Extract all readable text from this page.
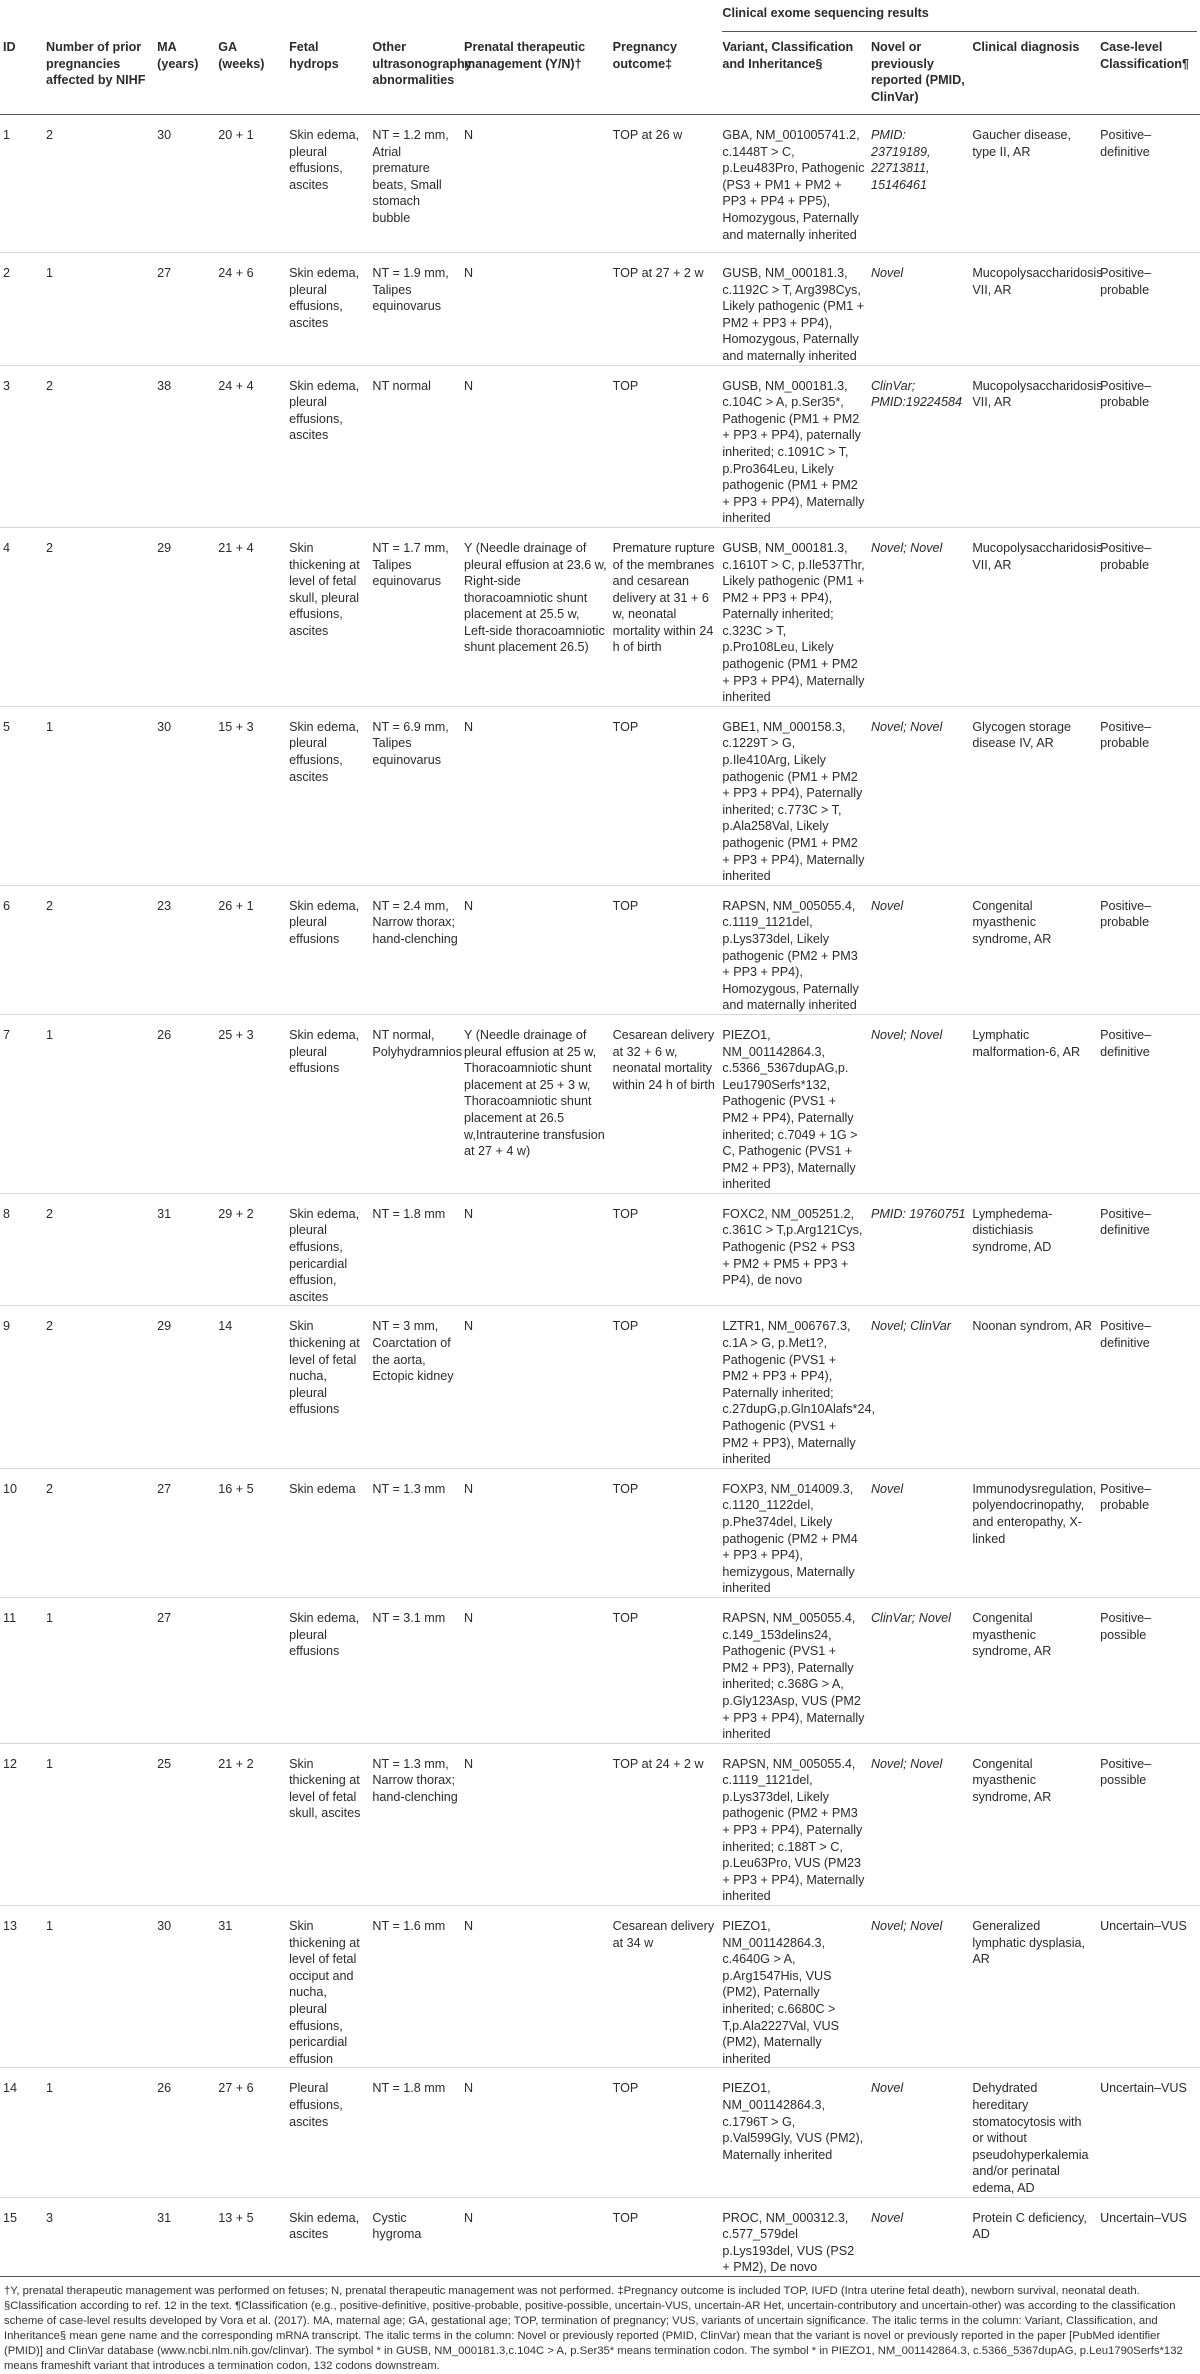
								Clinical exome sequencing results			

ID	Number of prior pregnancies affected by NIHF	MA (years)	GA (weeks)	Fetal hydrops	Other ultrasonography abnormalities	Prenatal therapeutic management (Y/N)†	Pregnancy outcome‡	Variant, Classification and Inheritance§	Novel or previously reported (PMID, ClinVar)	Clinical diagnosis	Case-level Classification¶
1	2	30	20 + 1	Skin edema, pleural effusions, ascites	NT = 1.2 mm, Atrial premature beats, Small stomach bubble	N	TOP at 26 w	GBA, NM_001005741.2, c.1448T > C, p.Leu483Pro, Pathogenic (PS3 + PM1 + PM2 + PP3 + PP4 + PP5), Homozygous, Paternally and maternally inherited	PMID: 23719189, 22713811, 15146461	Gaucher disease, type II, AR	Positive–definitive
2	1	27	24 + 6	Skin edema, pleural effusions, ascites	NT = 1.9 mm, Talipes equinovarus	N	TOP at 27 + 2 w	GUSB, NM_000181.3, c.1192C > T, Arg398Cys, Likely pathogenic (PM1 + PM2 + PP3 + PP4), Homozygous, Paternally and maternally inherited	Novel	Mucopolysaccharidosis VII, AR	Positive–probable
3	2	38	24 + 4	Skin edema, pleural effusions, ascites	NT normal	N	TOP	GUSB, NM_000181.3, c.104C > A, p.Ser35*, Pathogenic (PM1 + PM2 + PP3 + PP4), paternally inherited; c.1091C > T, p.Pro364Leu, Likely pathogenic (PM1 + PM2 + PP3 + PP4), Maternally inherited	ClinVar; PMID:19224584	Mucopolysaccharidosis VII, AR	Positive–probable
4	2	29	21 + 4	Skin thickening at level of fetal skull, pleural effusions, ascites	NT = 1.7 mm, Talipes equinovarus	Y (Needle drainage of pleural effusion at 23.6 w, Right-side thoracoamniotic shunt placement at 25.5 w, Left-side thoracoamniotic shunt placement 26.5)	Premature rupture of the membranes and cesarean delivery at 31 + 6 w, neonatal mortality within 24 h of birth	GUSB, NM_000181.3, c.1610T > C, p.Ile537Thr, Likely pathogenic (PM1 + PM2 + PP3 + PP4), Paternally inherited; c.323C > T, p.Pro108Leu, Likely pathogenic (PM1 + PM2 + PP3 + PP4), Maternally inherited	Novel; Novel	Mucopolysaccharidosis VII, AR	Positive–probable
5	1	30	15 + 3	Skin edema, pleural effusions, ascites	NT = 6.9 mm, Talipes equinovarus	N	TOP	GBE1, NM_000158.3, c.1229T > G, p.Ile410Arg, Likely pathogenic (PM1 + PM2 + PP3 + PP4), Paternally inherited; c.773C > T, p.Ala258Val, Likely pathogenic (PM1 + PM2 + PP3 + PP4), Maternally inherited	Novel; Novel	Glycogen storage disease IV, AR	Positive–probable
6	2	23	26 + 1	Skin edema, pleural effusions	NT = 2.4 mm, Narrow thorax; hand-clenching	N	TOP	RAPSN, NM_005055.4, c.1119_1121del, p.Lys373del, Likely pathogenic (PM2 + PM3 + PP3 + PP4), Homozygous, Paternally and maternally inherited	Novel	Congenital myasthenic syndrome, AR	Positive–probable
7	1	26	25 + 3	Skin edema, pleural effusions	NT normal, Polyhydramnios	Y (Needle drainage of pleural effusion at 25 w, Thoracoamniotic shunt placement at 25 + 3 w, Thoracoamniotic shunt placement at 26.5 w,Intrauterine transfusion at 27 + 4 w)	Cesarean delivery at 32 + 6 w, neonatal mortality within 24 h of birth	PIEZO1, NM_001142864.3, c.5366_5367dupAG,p. Leu1790Serfs*132, Pathogenic (PVS1 + PM2 + PP4), Paternally inherited; c.7049 + 1G > C, Pathogenic (PVS1 + PM2 + PP3), Maternally inherited	Novel; Novel	Lymphatic malformation-6, AR	Positive–definitive
8	2	31	29 + 2	Skin edema, pleural effusions, pericardial effusion, ascites	NT = 1.8 mm	N	TOP	FOXC2, NM_005251.2, c.361C > T,p.Arg121Cys, Pathogenic (PS2 + PS3 + PM2 + PM5 + PP3 + PP4), de novo	PMID: 19760751	Lymphedema-distichiasis syndrome, AD	Positive–definitive
9	2	29	14	Skin thickening at level of fetal nucha, pleural effusions	NT = 3 mm, Coarctation of the aorta, Ectopic kidney	N	TOP	LZTR1, NM_006767.3, c.1A > G, p.Met1?, Pathogenic (PVS1 + PM2 + PP3 + PP4), Paternally inherited; c.27dupG,p.Gln10Alafs*24, Pathogenic (PVS1 + PM2 + PP3), Maternally inherited	Novel; ClinVar	Noonan syndrom, AR	Positive–definitive
10	2	27	16 + 5	Skin edema	NT = 1.3 mm	N	TOP	FOXP3, NM_014009.3, c.1120_1122del, p.Phe374del, Likely pathogenic (PM2 + PM4 + PP3 + PP4), hemizygous, Maternally inherited	Novel	Immunodysregulation, polyendocrinopathy, and enteropathy, X-linked	Positive–probable
11	1	27		Skin edema, pleural effusions	NT = 3.1 mm	N	TOP	RAPSN, NM_005055.4, c.149_153delins24, Pathogenic (PVS1 + PM2 + PP3), Paternally inherited; c.368G > A, p.Gly123Asp, VUS (PM2 + PP3 + PP4), Maternally inherited	ClinVar; Novel	Congenital myasthenic syndrome, AR	Positive–possible
12	1	25	21 + 2	Skin thickening at level of fetal skull, ascites	NT = 1.3 mm, Narrow thorax; hand-clenching	N	TOP at 24 + 2 w	RAPSN, NM_005055.4, c.1119_1121del, p.Lys373del, Likely pathogenic (PM2 + PM3 + PP3 + PP4), Paternally inherited; c.188T > C, p.Leu63Pro, VUS (PM23 + PP3 + PP4), Maternally inherited	Novel; Novel	Congenital myasthenic syndrome, AR	Positive–possible
13	1	30	31	Skin thickening at level of fetal occiput and nucha, pleural effusions, pericardial effusion	NT = 1.6 mm	N	Cesarean delivery at 34 w	PIEZO1, NM_001142864.3, c.4640G > A, p.Arg1547His, VUS (PM2), Paternally inherited; c.6680C > T,p.Ala2227Val, VUS (PM2), Maternally inherited	Novel; Novel	Generalized lymphatic dysplasia, AR	Uncertain–VUS
14	1	26	27 + 6	Pleural effusions, ascites	NT = 1.8 mm	N	TOP	PIEZO1, NM_001142864.3, c.1796T > G, p.Val599Gly, VUS (PM2), Maternally inherited	Novel	Dehydrated hereditary stomatocytosis with or without pseudohyperkalemia and/or perinatal edema, AD	Uncertain–VUS
15	3	31	13 + 5	Skin edema, ascites	Cystic hygroma	N	TOP	PROC, NM_000312.3, c.577_579del p.Lys193del, VUS (PS2 + PM2), De novo	Novel	Protein C deficiency, AD	Uncertain–VUS

†Y, prenatal therapeutic management was performed on fetuses; N, prenatal therapeutic management was not performed. ‡Pregnancy outcome is included TOP, IUFD (Intra uterine fetal death), newborn survival, neonatal death. §Classification according to ref. 12 in the text. ¶Classification (e.g., positive-definitive, positive-probable, positive-possible, uncertain-VUS, uncertain-AR Het, uncertain-contributory and uncertain-other) was according to the classification scheme of case-level results developed by Vora et al. (2017). MA, maternal age; GA, gestational age; TOP, termination of pregnancy; VUS, variants of uncertain significance. The italic terms in the column: Variant, Classification, and Inheritance§ mean gene name and the corresponding mRNA transcript. The italic terms in the column: Novel or previously reported (PMID, ClinVar) mean that the variant is novel or previously reported in the paper [PubMed identifier (PMID)] and ClinVar database (www.ncbi.nlm.nih.gov/clinvar). The symbol * in GUSB, NM_000181.3,c.104C > A, p.Ser35* means termination codon. The symbol * in PIEZO1, NM_001142864.3, c.5366_5367dupAG, p.Leu1790Serfs*132 means frameshift variant that introduces a termination codon, 132 codons downstream.
